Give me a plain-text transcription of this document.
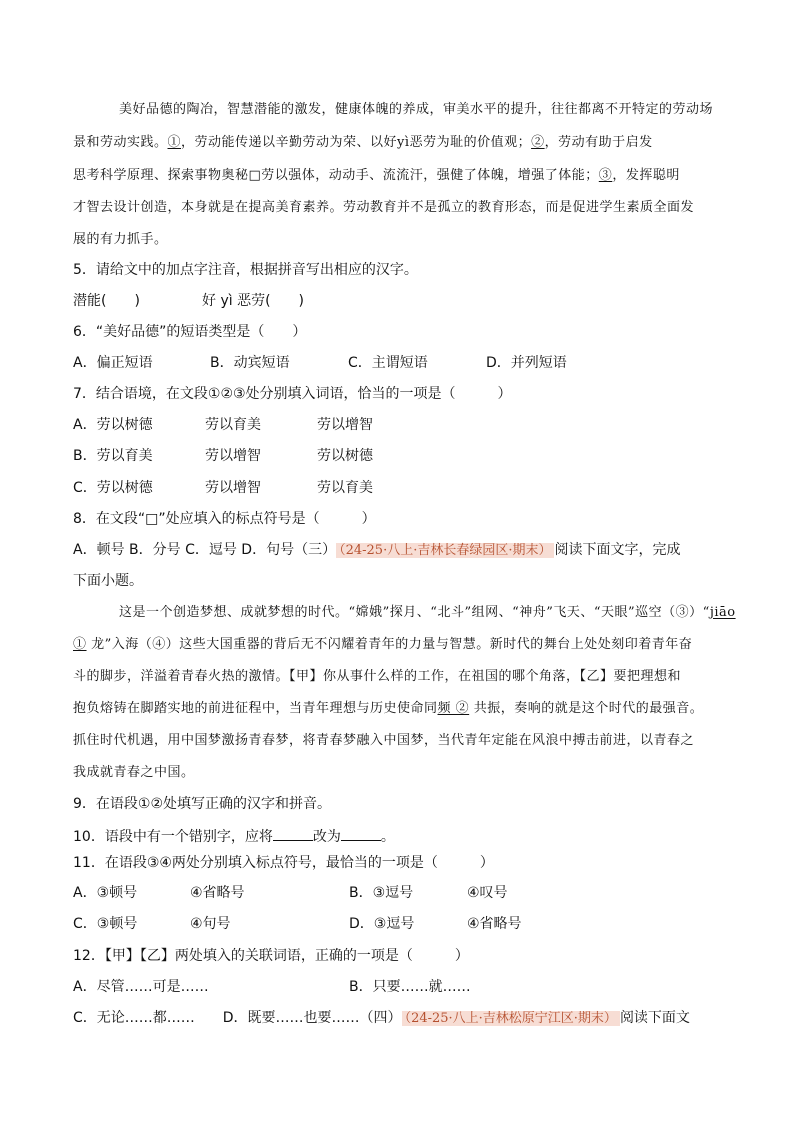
美好品德的陶冶，智慧潜能的激发，健康体魄的养成，审美水平的提升，往往都离不开特定的劳动场
景和劳动实践。①，劳动能传递以辛勤劳动为荣、以好yì恶劳为耻的价值观；②，劳动有助于启发
思考科学原理、探索事物奥秘□劳以强体，动动手、流流汗，强健了体魄，增强了体能；③，发挥聪明
才智去设计创造，本身就是在提高美育素养。劳动教育并不是孤立的教育形态，而是促进学生素质全面发
展的有力抓手。
5．请给文中的加点字注音，根据拼音写出相应的汉字。
潜能(　　)	好 yì 恶劳(　　)
6．“美好品德”的短语类型是（　　）
A．偏正短语	B．动宾短语	C．主谓短语	D．并列短语
7．结合语境，在文段①②③处分别填入词语，恰当的一项是（　　　）
A．劳以树德	劳以育美	劳以增智
B．劳以育美	劳以增智	劳以树德
C．劳以树德	劳以增智	劳以育美
8．在文段“□”处应填入的标点符号是（　　　）
A．顿号 B．分号 C．逗号 D．句号（三） （24-25·八上·吉林长春绿园区·期末） 阅读下面文字，完成
下面小题。
这是一个创造梦想、成就梦想的时代。“嫦娥”探月、“北斗”组网、“神舟”飞天、“天眼”巡空（③）“jiāo
① 龙”入海（④）这些大国重器的背后无不闪耀着青年的力量与智慧。新时代的舞台上处处刻印着青年奋
斗的脚步，洋溢着青春火热的激情。【甲】你从事什么样的工作，在祖国的哪个角落，【乙】要把理想和
抱负熔铸在脚踏实地的前进征程中，当青年理想与历史使命同频 ② 共振，奏响的就是这个时代的最强音。
抓住时代机遇，用中国梦激扬青春梦，将青春梦融入中国梦，当代青年定能在风浪中搏击前进，以青春之
我成就青春之中国。
9．在语段①②处填写正确的汉字和拼音。
10．语段中有一个错别字，应将	改为	。
11．在语段③④两处分别填入标点符号，最恰当的一项是（　　　）
A．③顿号	④省略号	B．③逗号	④叹号
C．③顿号	④句号	D．③逗号	④省略号
12．【甲】【乙】两处填入的关联词语，正确的一项是（　　　）
A．尽管……可是……	B．只要……就……
C．无论……都……　　D．既要……也要……（四） （24-25·八上·吉林松原宁江区·期末） 阅读下面文
